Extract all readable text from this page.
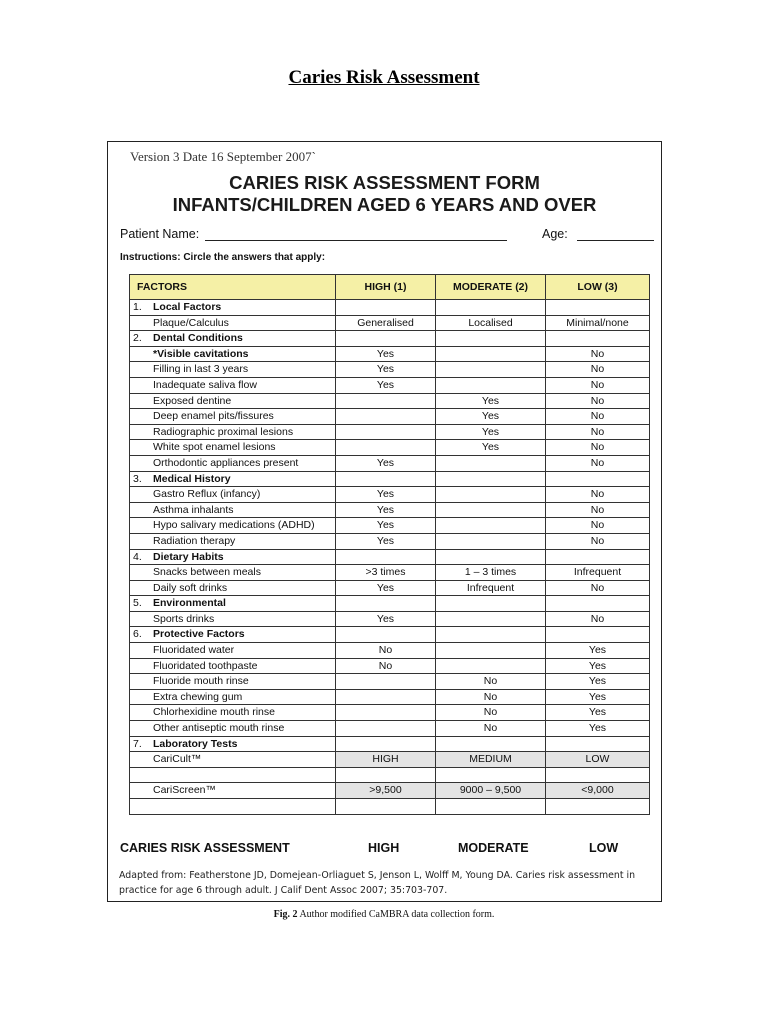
Caries Risk Assessment
Version 3 Date 16 September 2007`
CARIES RISK ASSESSMENT FORM
INFANTS/CHILDREN AGED 6 YEARS AND OVER
Patient Name:	Age:
Instructions: Circle the answers that apply:
FACTORS	HIGH (1)	MODERATE (2)	LOW (3)
1. Local Factors			
Plaque/Calculus	Generalised	Localised	Minimal/none
2. Dental Conditions			
*Visible cavitations	Yes		No
Filling in last 3 years	Yes		No
Inadequate saliva flow	Yes		No
Exposed dentine		Yes	No
Deep enamel pits/fissures		Yes	No
Radiographic proximal lesions		Yes	No
White spot enamel lesions		Yes	No
Orthodontic appliances present	Yes		No
3. Medical History			
Gastro Reflux (infancy)	Yes		No
Asthma inhalants	Yes		No
Hypo salivary medications (ADHD)	Yes		No
Radiation therapy	Yes		No
4. Dietary Habits			
Snacks between meals	>3 times	1 – 3 times	Infrequent
Daily soft drinks	Yes	Infrequent	No
5. Environmental			
Sports drinks	Yes		No
6. Protective Factors			
Fluoridated water	No		Yes
Fluoridated toothpaste	No		Yes
Fluoride mouth rinse		No	Yes
Extra chewing gum		No	Yes
Chlorhexidine mouth rinse		No	Yes
Other antiseptic mouth rinse		No	Yes
7. Laboratory Tests			
CariCult™	HIGH	MEDIUM	LOW

CariScreen™	>9,500	9000 – 9,500	<9,000

CARIES RISK ASSESSMENT	HIGH	MODERATE	LOW
Adapted from: Featherstone JD, Domejean-Orliaguet S, Jenson L, Wolff M, Young DA. Caries risk assessment in practice for age 6 through adult. J Calif Dent Assoc 2007; 35:703-707.
Fig. 2 Author modified CaMBRA data collection form.
